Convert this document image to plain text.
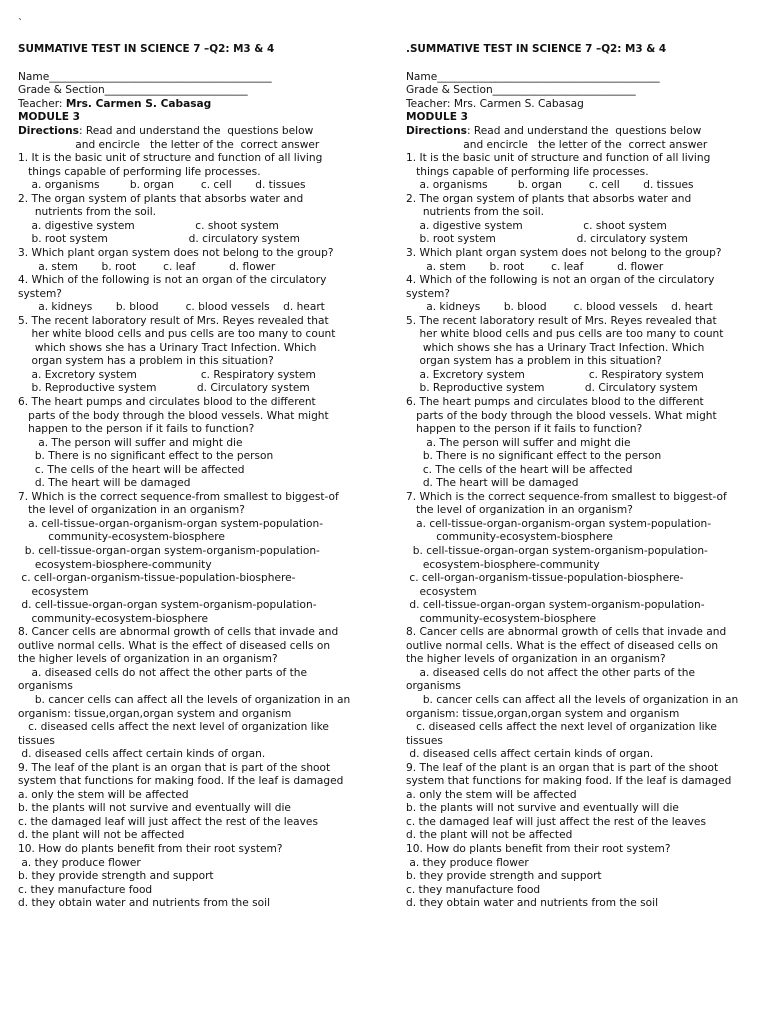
`
SUMMATIVE TEST IN SCIENCE 7 –Q2: M3 & 4
Name__________________________________________
Grade & Section___________________________
Teacher: Mrs. Carmen S. Cabasag
MODULE 3
Directions: Read and understand the  questions below
and encircle   the letter of the  correct answer
1. It is the basic unit of structure and function of all living
things capable of performing life processes.
a. organisms         b. organ        c. cell       d. tissues
2. The organ system of plants that absorbs water and
nutrients from the soil.
a. digestive system                  c. shoot system
b. root system                        d. circulatory system
3. Which plant organ system does not belong to the group?
a. stem       b. root        c. leaf          d. flower
4. Which of the following is not an organ of the circulatory
system?
a. kidneys       b. blood        c. blood vessels    d. heart
5. The recent laboratory result of Mrs. Reyes revealed that
her white blood cells and pus cells are too many to count
which shows she has a Urinary Tract Infection. Which
organ system has a problem in this situation?
a. Excretory system                   c. Respiratory system
b. Reproductive system            d. Circulatory system
6. The heart pumps and circulates blood to the different
parts of the body through the blood vessels. What might
happen to the person if it fails to function?
a. The person will suffer and might die
b. There is no significant effect to the person
c. The cells of the heart will be affected
d. The heart will be damaged
7. Which is the correct sequence-from smallest to biggest-of
the level of organization in an organism?
a. cell-tissue-organ-organism-organ system-population-
community-ecosystem-biosphere
b. cell-tissue-organ-organ system-organism-population-
ecosystem-biosphere-community
c. cell-organ-organism-tissue-population-biosphere-
ecosystem
d. cell-tissue-organ-organ system-organism-population-
community-ecosystem-biosphere
8. Cancer cells are abnormal growth of cells that invade and
outlive normal cells. What is the effect of diseased cells on
the higher levels of organization in an organism?
a. diseased cells do not affect the other parts of the
organisms
b. cancer cells can affect all the levels of organization in an
organism: tissue,organ,organ system and organism
c. diseased cells affect the next level of organization like
tissues
d. diseased cells affect certain kinds of organ.
9. The leaf of the plant is an organ that is part of the shoot
system that functions for making food. If the leaf is damaged
a. only the stem will be affected
b. the plants will not survive and eventually will die
c. the damaged leaf will just affect the rest of the leaves
d. the plant will not be affected
10. How do plants benefit from their root system?
a. they produce flower
b. they provide strength and support
c. they manufacture food
d. they obtain water and nutrients from the soil
.SUMMATIVE TEST IN SCIENCE 7 –Q2: M3 & 4
Name__________________________________________
Grade & Section___________________________
Teacher: Mrs. Carmen S. Cabasag
MODULE 3
Directions: Read and understand the  questions below
and encircle   the letter of the  correct answer
1. It is the basic unit of structure and function of all living
things capable of performing life processes.
a. organisms         b. organ        c. cell       d. tissues
2. The organ system of plants that absorbs water and
nutrients from the soil.
a. digestive system                  c. shoot system
b. root system                        d. circulatory system
3. Which plant organ system does not belong to the group?
a. stem       b. root        c. leaf          d. flower
4. Which of the following is not an organ of the circulatory
system?
a. kidneys       b. blood        c. blood vessels    d. heart
5. The recent laboratory result of Mrs. Reyes revealed that
her white blood cells and pus cells are too many to count
which shows she has a Urinary Tract Infection. Which
organ system has a problem in this situation?
a. Excretory system                   c. Respiratory system
b. Reproductive system            d. Circulatory system
6. The heart pumps and circulates blood to the different
parts of the body through the blood vessels. What might
happen to the person if it fails to function?
a. The person will suffer and might die
b. There is no significant effect to the person
c. The cells of the heart will be affected
d. The heart will be damaged
7. Which is the correct sequence-from smallest to biggest-of
the level of organization in an organism?
a. cell-tissue-organ-organism-organ system-population-
community-ecosystem-biosphere
b. cell-tissue-organ-organ system-organism-population-
ecosystem-biosphere-community
c. cell-organ-organism-tissue-population-biosphere-
ecosystem
d. cell-tissue-organ-organ system-organism-population-
community-ecosystem-biosphere
8. Cancer cells are abnormal growth of cells that invade and
outlive normal cells. What is the effect of diseased cells on
the higher levels of organization in an organism?
a. diseased cells do not affect the other parts of the
organisms
b. cancer cells can affect all the levels of organization in an
organism: tissue,organ,organ system and organism
c. diseased cells affect the next level of organization like
tissues
d. diseased cells affect certain kinds of organ.
9. The leaf of the plant is an organ that is part of the shoot
system that functions for making food. If the leaf is damaged
a. only the stem will be affected
b. the plants will not survive and eventually will die
c. the damaged leaf will just affect the rest of the leaves
d. the plant will not be affected
10. How do plants benefit from their root system?
a. they produce flower
b. they provide strength and support
c. they manufacture food
d. they obtain water and nutrients from the soil
